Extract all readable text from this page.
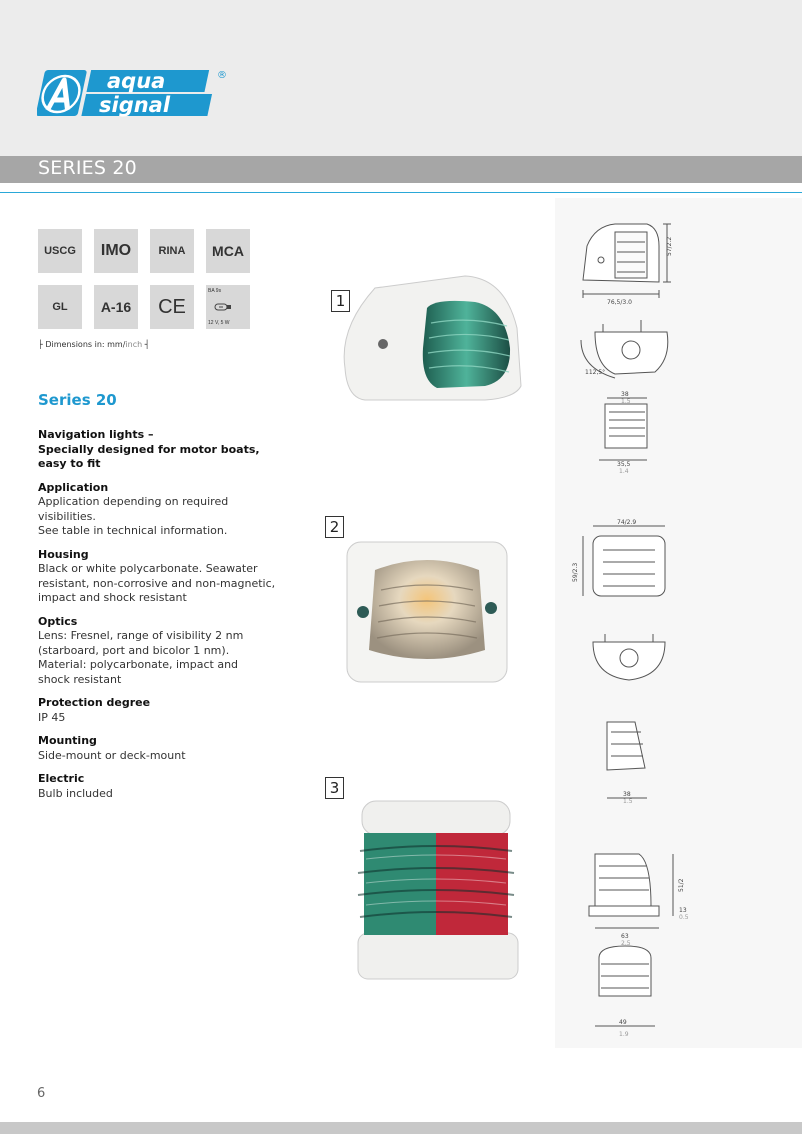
aqua
signal
®
SERIES 20
USCG IMO RINA MCA
GL A-16 CE
BA 9s
12 V, 5 W
├ Dimensions in: mm/inch ┤
Series 20
Navigation lights –
Specially designed for motor boats,
easy to fit
Application
Application depending on required visibilities.
See table in technical information.
Housing
Black or white polycarbonate. Seawater
resistant, non-corrosive and non-magnetic,
impact and shock resistant
Optics
Lens: Fresnel, range of visibility 2 nm
(starboard, port and bicolor 1 nm).
Material: polycarbonate, impact and
shock resistant
Protection degree
IP 45
Mounting
Side-mount or deck-mount
Electric
Bulb included
1
2
3
57/2.2
76,5/3.0
112,5°
38
1.5
35,5
1.4
74/2.9
59/2.3
38
1.5
51/2
13
0.5
63
2.5
49
1.9
6
